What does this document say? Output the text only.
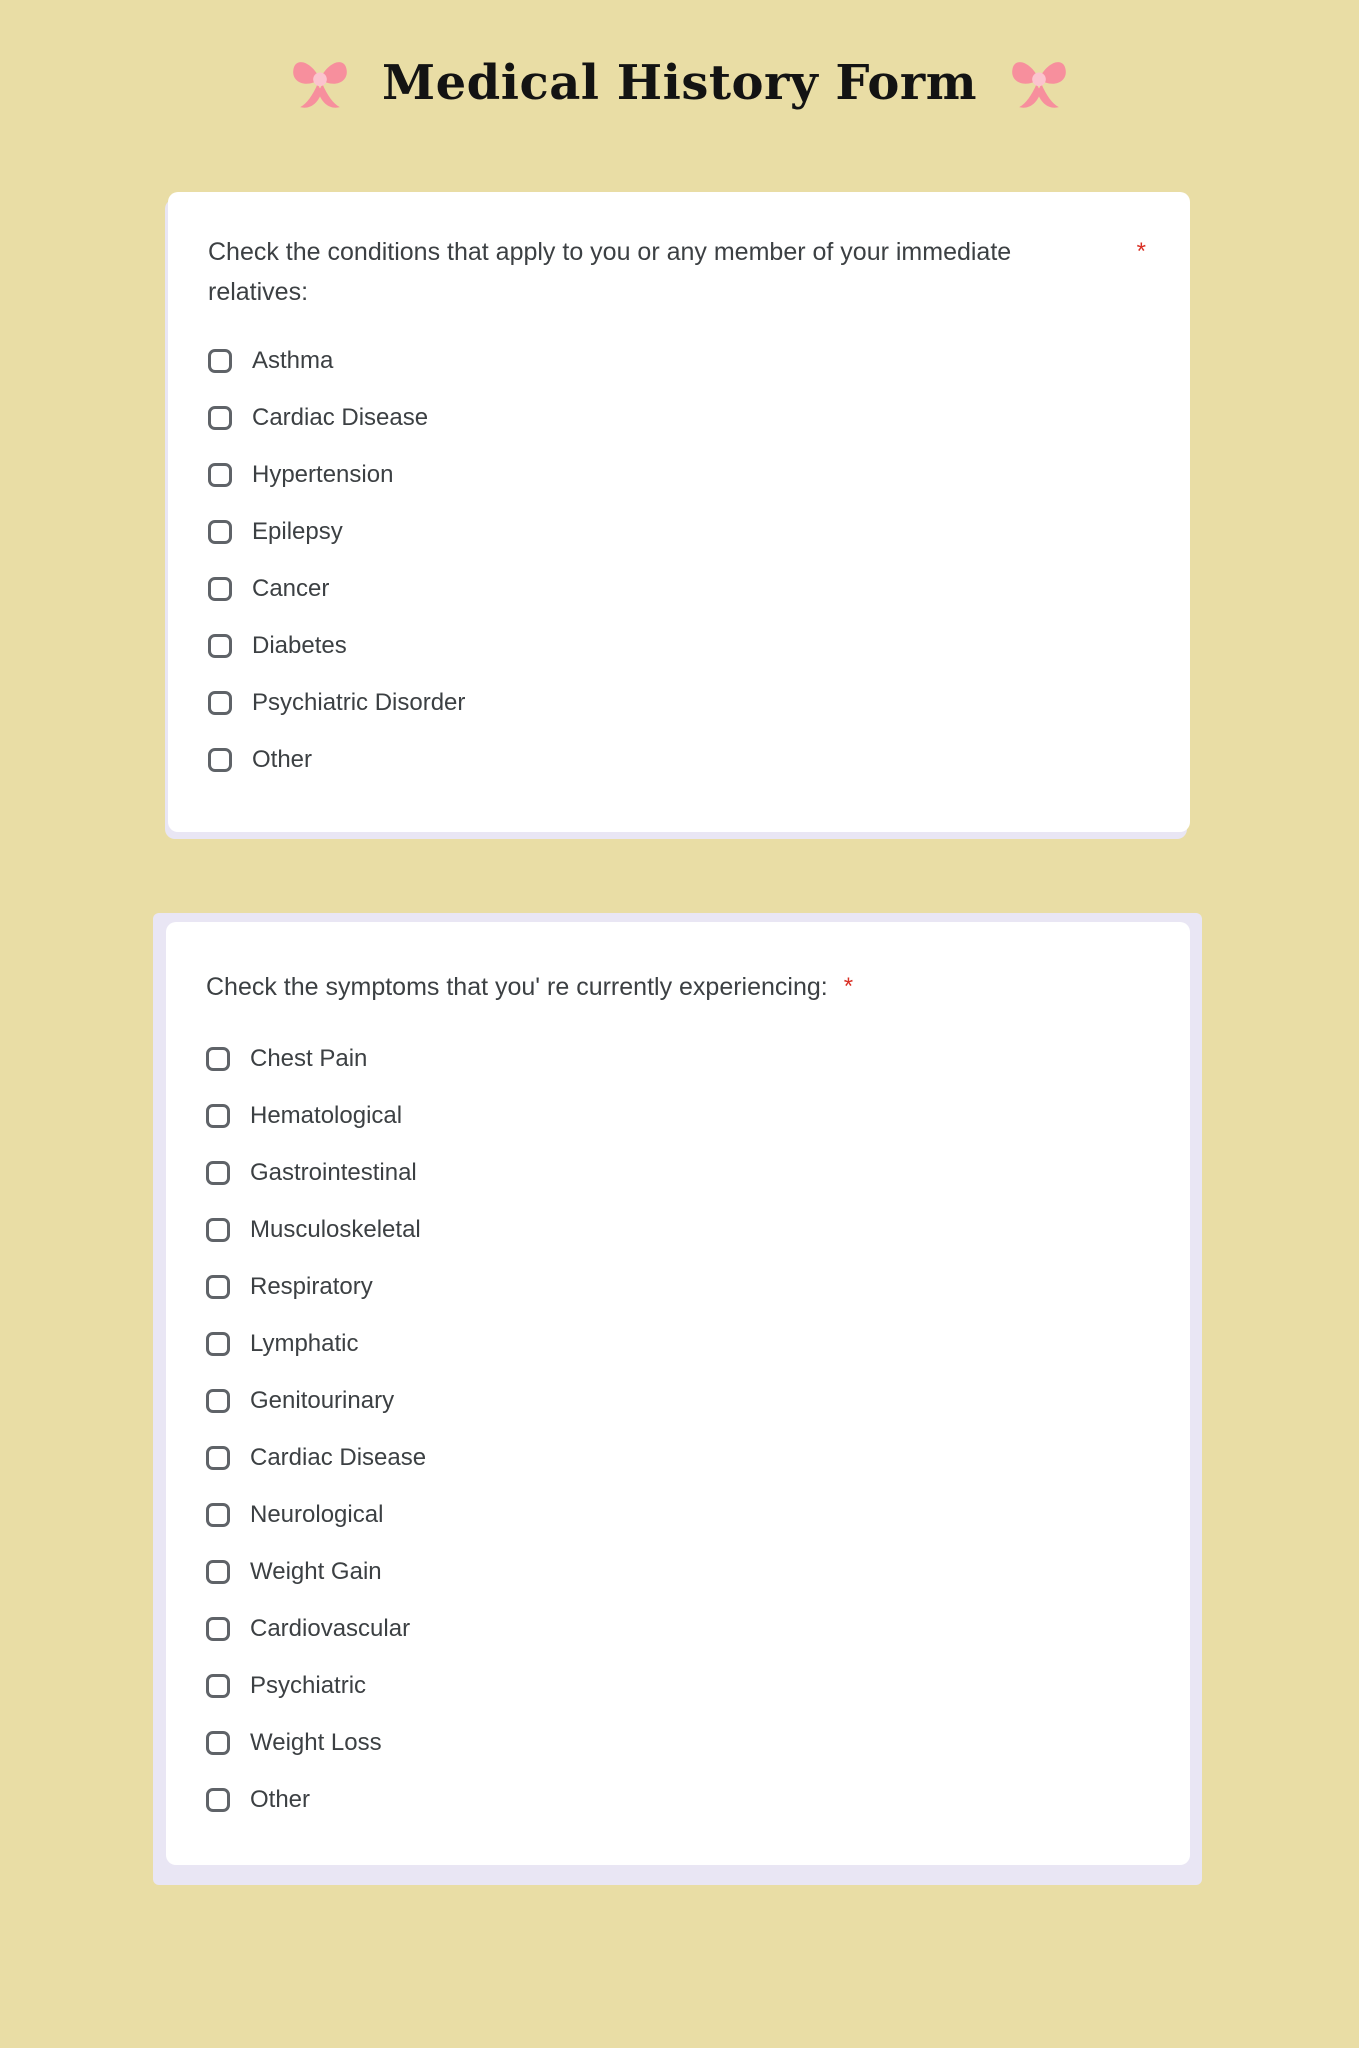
Medical History Form
Check the conditions that apply to you or any member of your immediate relatives:
*
Asthma
Cardiac Disease
Hypertension
Epilepsy
Cancer
Diabetes
Psychiatric Disorder
Other
Check the symptoms that you' re currently experiencing: *
Chest Pain
Hematological
Gastrointestinal
Musculoskeletal
Respiratory
Lymphatic
Genitourinary
Cardiac Disease
Neurological
Weight Gain
Cardiovascular
Psychiatric
Weight Loss
Other
